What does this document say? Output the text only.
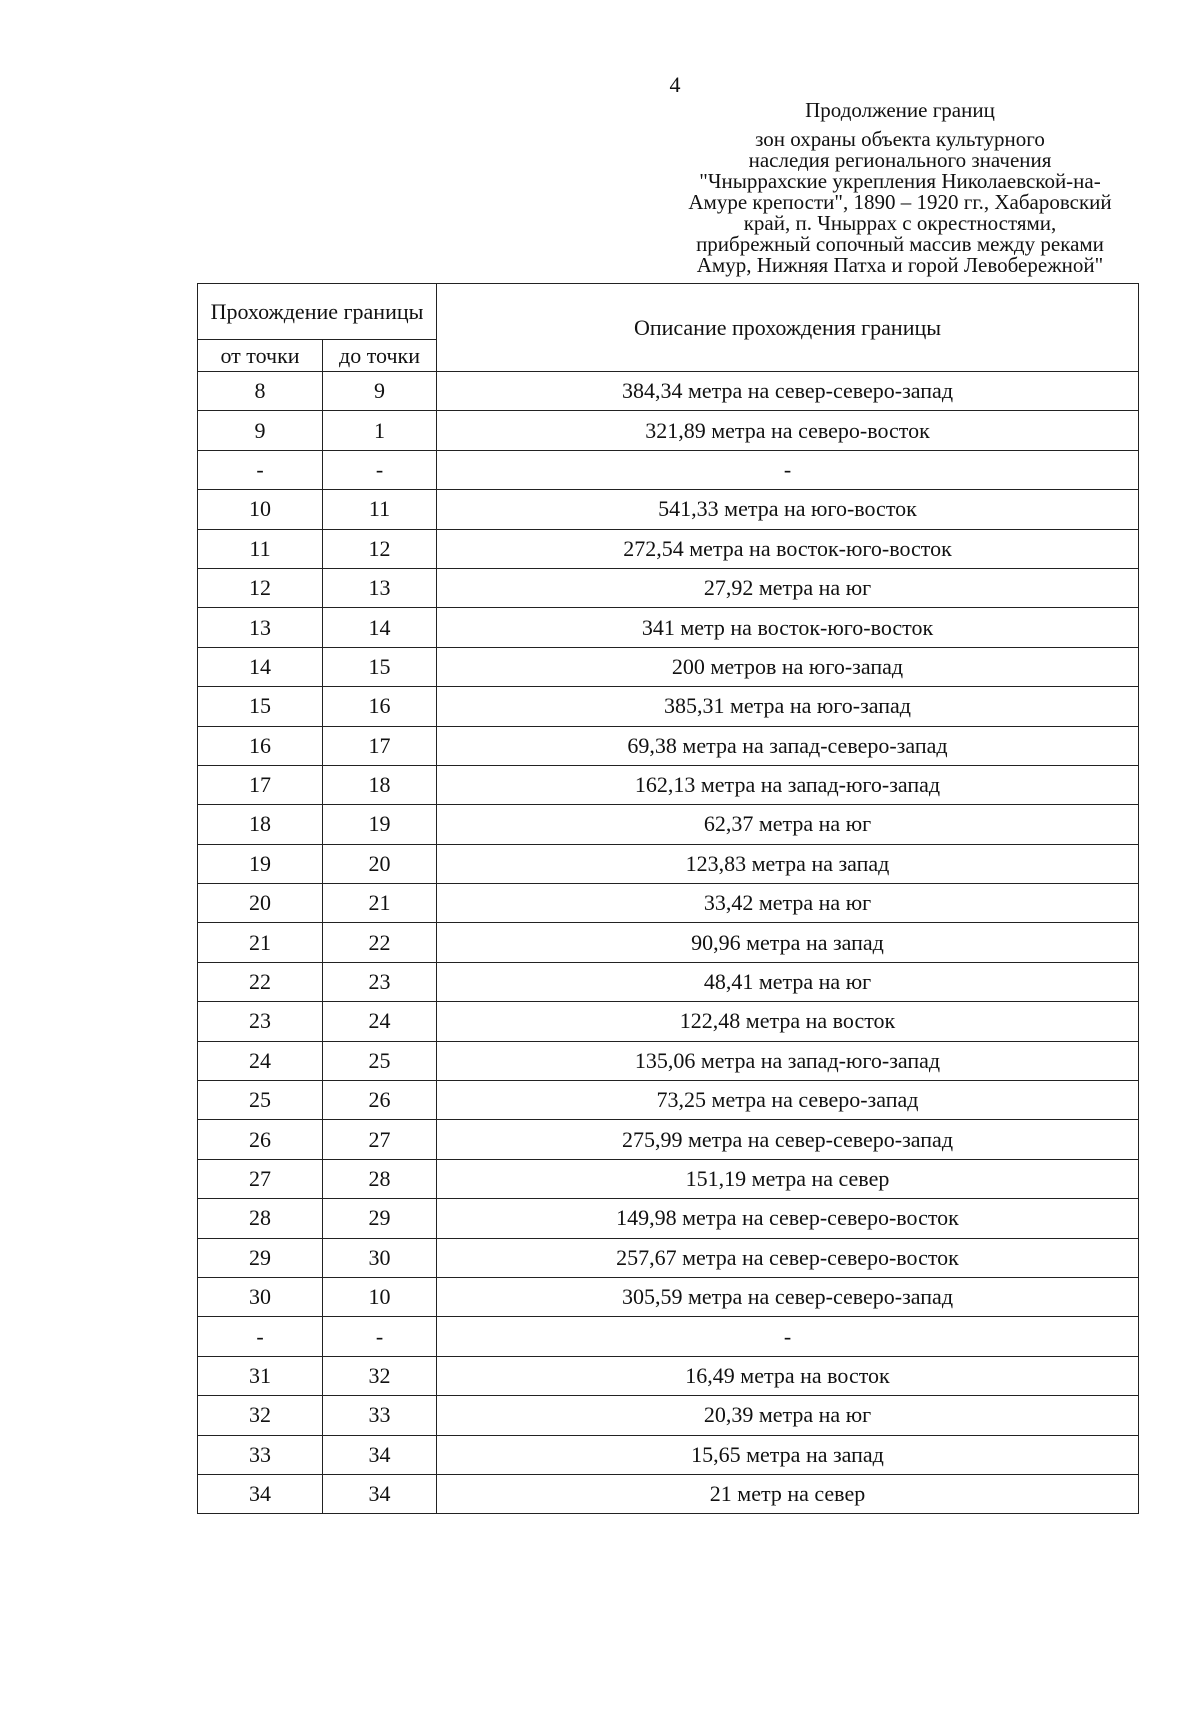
4
Продолжение границ
зон охраны объекта культурного
наследия регионального значения
"Чныррахские укрепления Николаевской-на-
Амуре крепости", 1890 – 1920 гг., Хабаровский
край, п. Чныррах с окрестностями,
прибрежный сопочный массив между реками
Амур, Нижняя Патха и горой Левобережной"
Прохождение границы		Описание прохождения границы
от точки	до точки	
8	9	384,34 метра на север-северо-запад
9	1	321,89 метра на северо-восток
-	-	-
10	11	541,33 метра на юго-восток
11	12	272,54 метра на восток-юго-восток
12	13	27,92 метра на юг
13	14	341 метр на восток-юго-восток
14	15	200 метров на юго-запад
15	16	385,31 метра на юго-запад
16	17	69,38 метра на запад-северо-запад
17	18	162,13 метра на запад-юго-запад
18	19	62,37 метра на юг
19	20	123,83 метра на запад
20	21	33,42 метра на юг
21	22	90,96 метра на запад
22	23	48,41 метра на юг
23	24	122,48 метра на восток
24	25	135,06 метра на запад-юго-запад
25	26	73,25 метра на северо-запад
26	27	275,99 метра на север-северо-запад
27	28	151,19 метра на север
28	29	149,98 метра на север-северо-восток
29	30	257,67 метра на север-северо-восток
30	10	305,59 метра на север-северо-запад
-	-	-
31	32	16,49 метра на восток
32	33	20,39 метра на юг
33	34	15,65 метра на запад
34	34	21 метр на север
